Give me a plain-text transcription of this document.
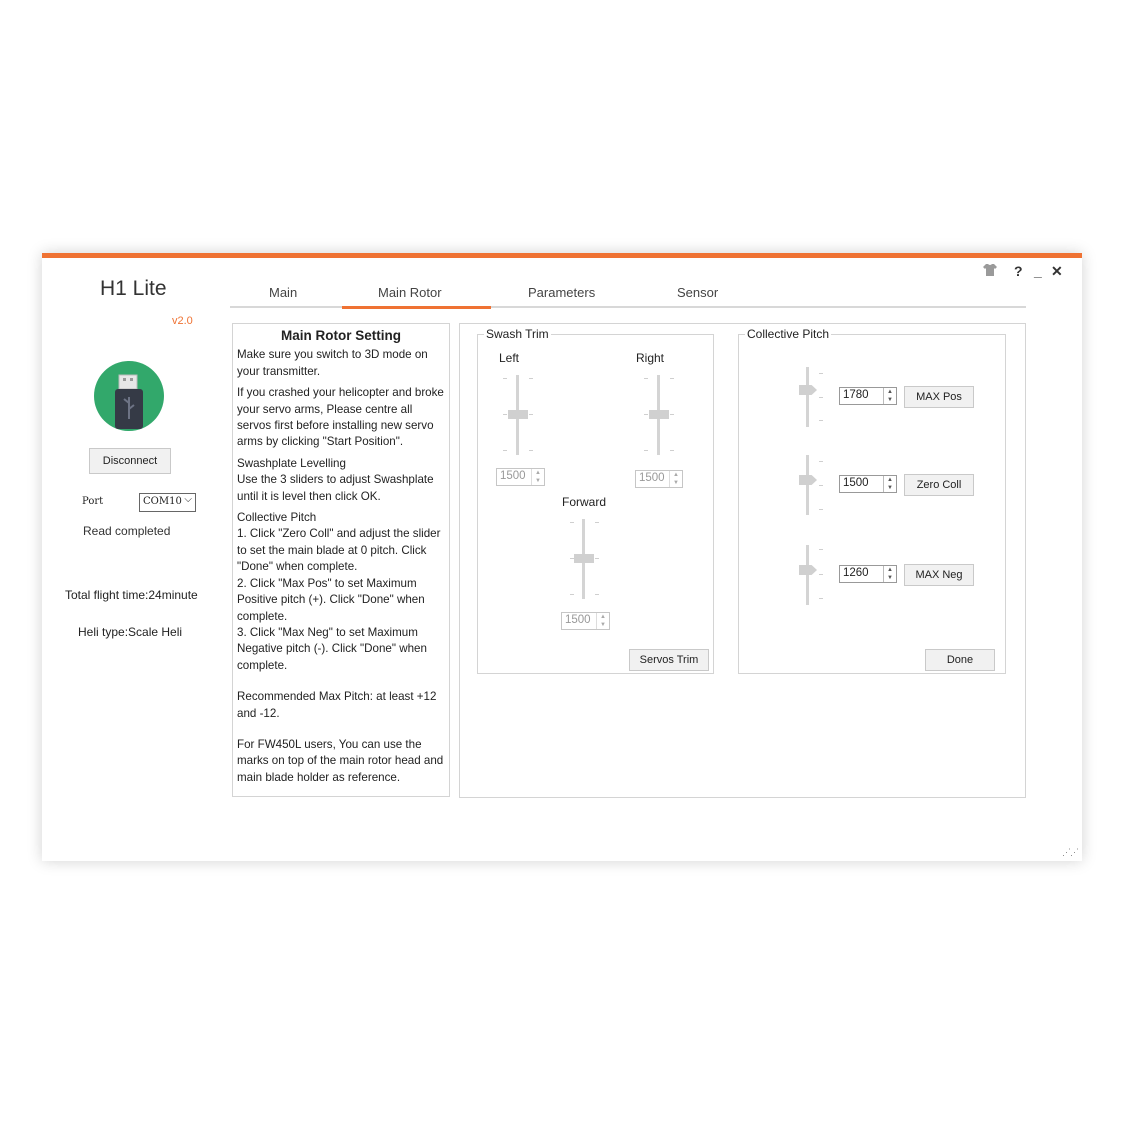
H1 Lite
v2.0
Disconnect
Port	COM10 ⌵
Read completed
Total flight time:24minute
Heli type:Scale Heli
? _ ✕
Main	Main Rotor	Parameters	Sensor
Main Rotor Setting

Make sure you switch to 3D mode on your transmitter.

If you crashed your helicopter and broke your servo arms, Please centre all servos first before installing new servo arms by clicking "Start Position".

Swashplate Levelling

Use the 3 sliders to adjust Swashplate until it is level then click OK.

Collective Pitch
1. Click "Zero Coll" and adjust the slider to set the main blade at 0 pitch. Click "Done" when complete.
2. Click "Max Pos" to set Maximum Positive pitch (+). Click "Done" when complete.

3. Click "Max Neg" to set Maximum Negative pitch (-). Click "Done" when complete.

Recommended Max Pitch: at least +12 and -12.

For FW450L users, You can use the marks on top of the main rotor head and main blade holder as reference.

Swash Trim
Left
1500	▲
▼
Right
1500	▲
▼
Forward
1500	▲
▼
Servos Trim
Collective Pitch
1780	▲
▼	MAX Pos
1500	▲
▼	Zero Coll
1260	▲
▼	MAX Neg
Done
⋰⋰
